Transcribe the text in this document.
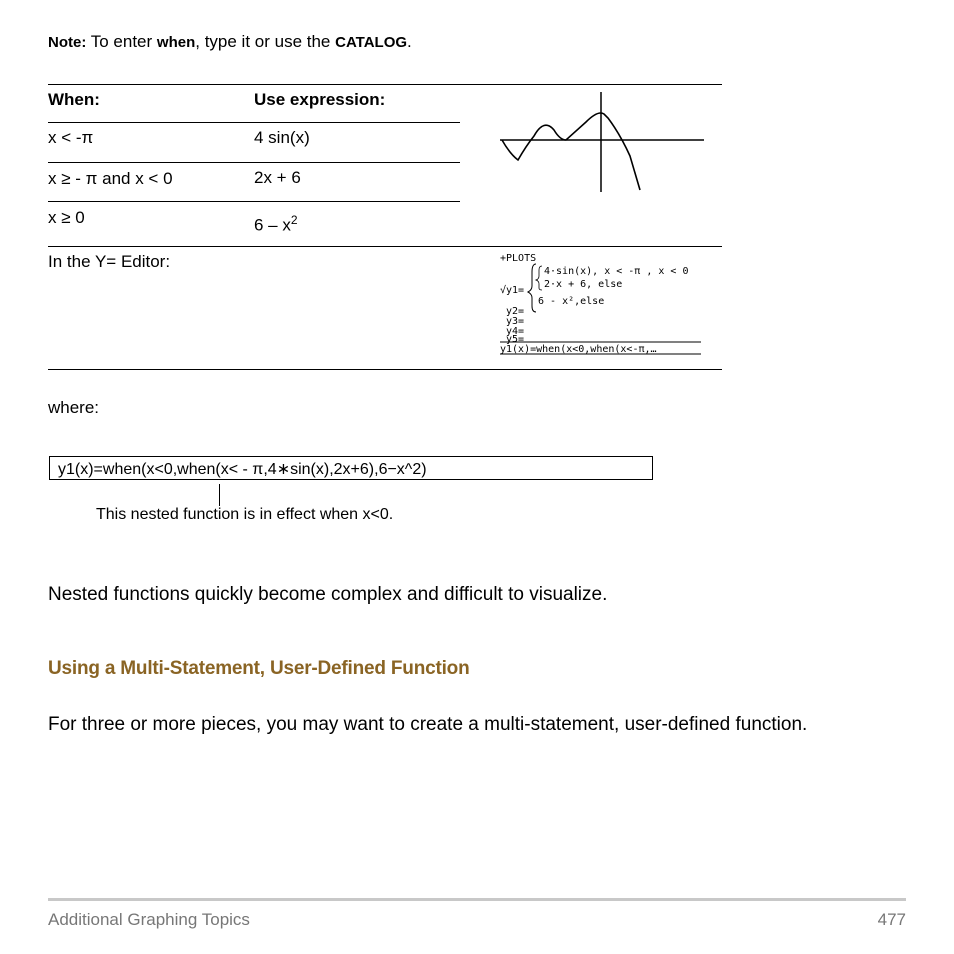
Note: To enter when, type it or use the CATALOG.
When:	Use expression:
x < -π	4 sin(x)
x ≥ - π and x < 0	2x + 6
x ≥ 0	$6 - x^2$
In the Y= Editor:	+PLOTS
√y1=
4·sin(x), x < -π , x < 0
2·x + 6, else
6 - x²,else
y2=
y3=
y4=
y5=
y1(x)=when(x<0,when(x<-π,…
where:
y1(x)=when(x<0,when(x< - π,4∗sin(x),2x+6),6−x^2)
This nested function is in effect when x<0.
Nested functions quickly become complex and difficult to visualize.
Using a Multi-Statement, User-Defined Function
For three or more pieces, you may want to create a multi-statement, user-defined function.
Additional Graphing Topics	477
